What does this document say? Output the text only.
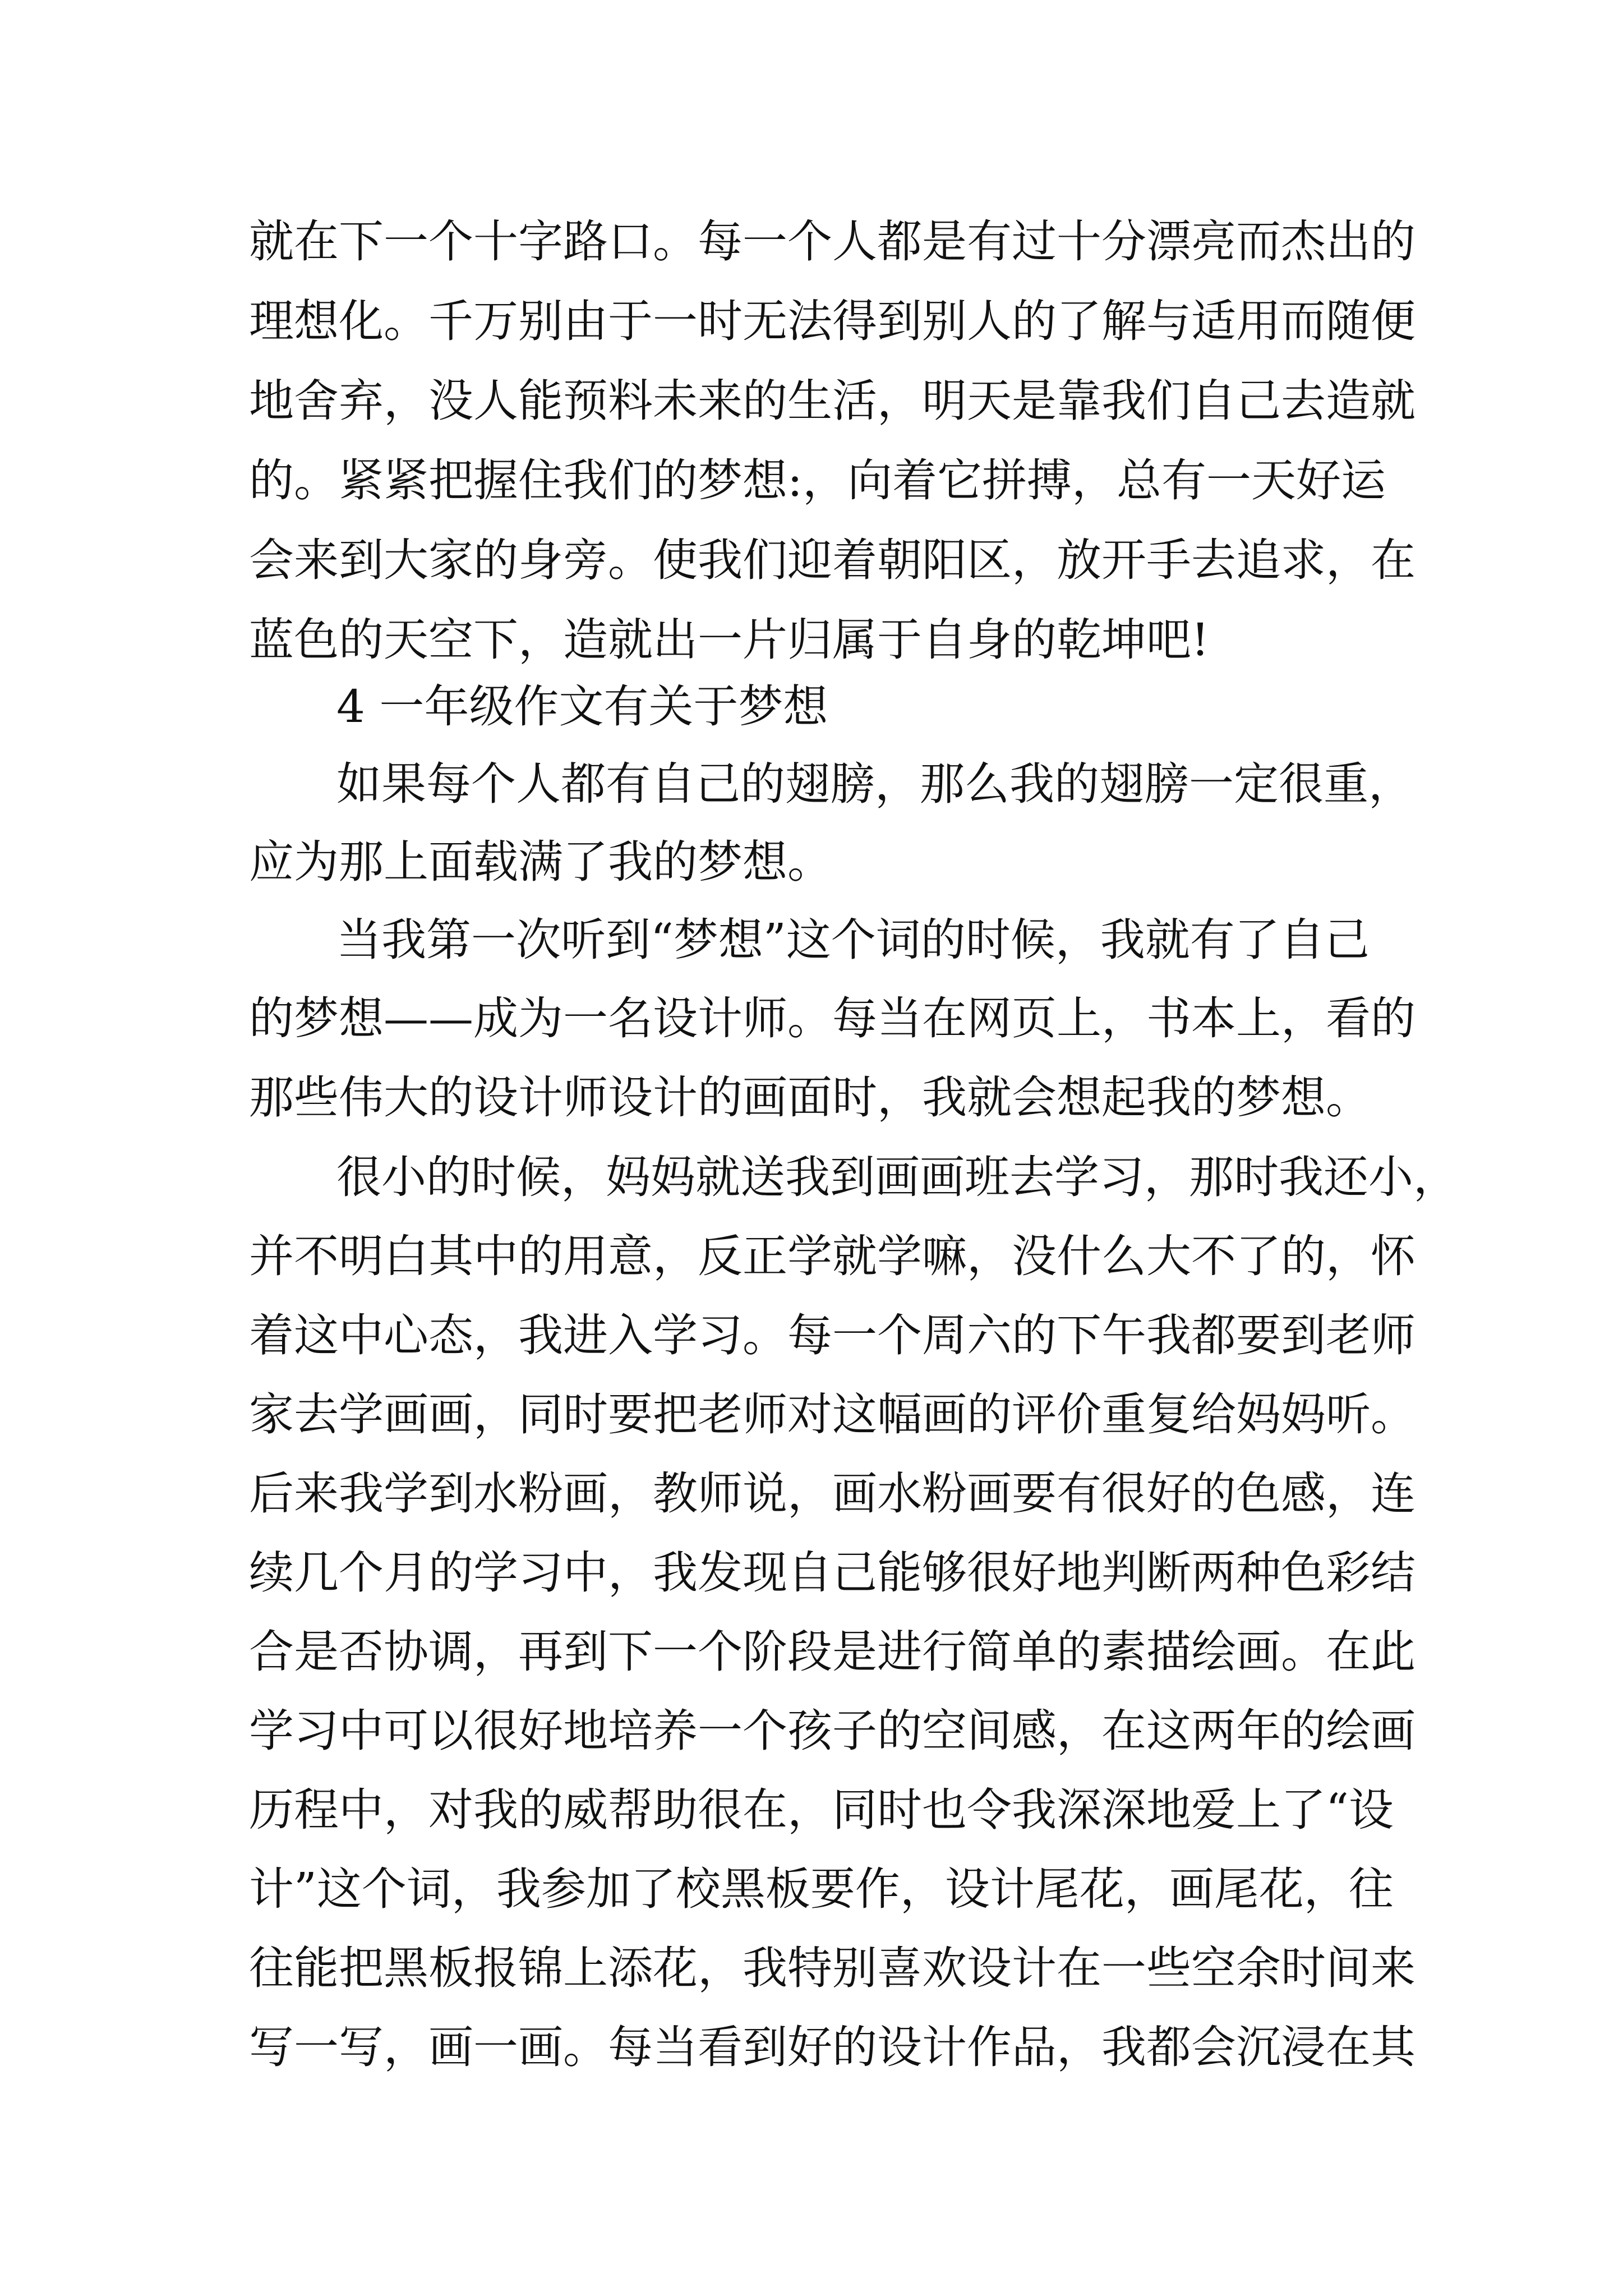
就在下一个十字路口。每一个人都是有过十分漂亮而杰出的

理想化。千万别由于一时无法得到别人的了解与适用而随便

地舍弃，没人能预料未来的生活，明天是靠我们自己去造就

的。紧紧把握住我们的梦想:，向着它拼搏，总有一天好运

会来到大家的身旁。使我们迎着朝阳区，放开手去追求，在

蓝色的天空下，造就出一片归属于自身的乾坤吧!

4 一年级作文有关于梦想

如果每个人都有自己的翅膀，那么我的翅膀一定很重，

应为那上面载满了我的梦想。

当我第一次听到“梦想”这个词的时候，我就有了自己

的梦想——成为一名设计师。每当在网页上，书本上，看的

那些伟大的设计师设计的画面时，我就会想起我的梦想。

很小的时候，妈妈就送我到画画班去学习，那时我还小，

并不明白其中的用意，反正学就学嘛，没什么大不了的，怀

着这中心态，我进入学习。每一个周六的下午我都要到老师

家去学画画，同时要把老师对这幅画的评价重复给妈妈听。

后来我学到水粉画，教师说，画水粉画要有很好的色感，连

续几个月的学习中，我发现自己能够很好地判断两种色彩结

合是否协调，再到下一个阶段是进行简单的素描绘画。在此

学习中可以很好地培养一个孩子的空间感，在这两年的绘画

历程中，对我的威帮助很在，同时也令我深深地爱上了“设

计”这个词，我参加了校黑板要作，设计尾花，画尾花，往

往能把黑板报锦上添花，我特别喜欢设计在一些空余时间来

写一写，画一画。每当看到好的设计作品，我都会沉浸在其
